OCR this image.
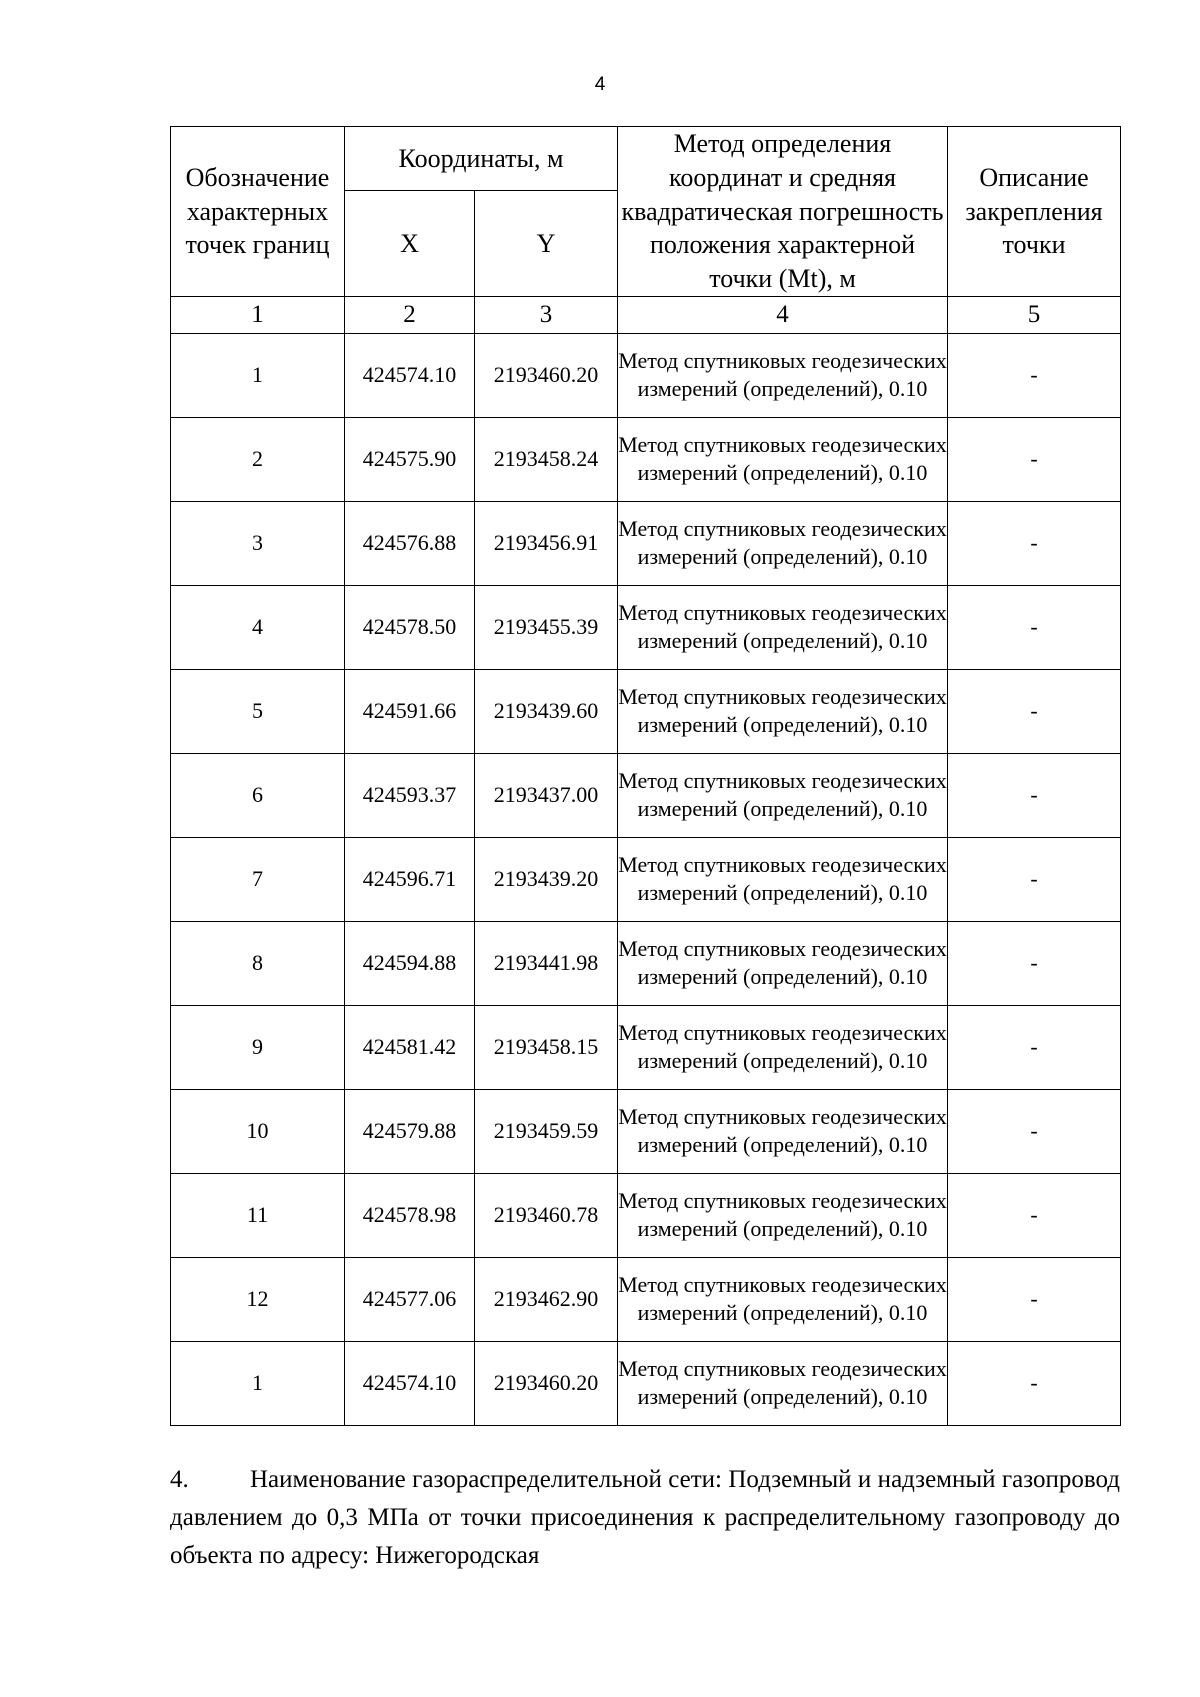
4
Обозначение характерных точек границ	Координаты, м		Метод определения координат и средняя квадратическая погрешность положения характерной точки (Mt), м	Описание закрепления точки
	X	Y		
1	2	3	4	5
1	424574.10	2193460.20	Метод спутниковых геодезических измерений (определений), 0.10	-
2	424575.90	2193458.24	Метод спутниковых геодезических измерений (определений), 0.10	-
3	424576.88	2193456.91	Метод спутниковых геодезических измерений (определений), 0.10	-
4	424578.50	2193455.39	Метод спутниковых геодезических измерений (определений), 0.10	-
5	424591.66	2193439.60	Метод спутниковых геодезических измерений (определений), 0.10	-
6	424593.37	2193437.00	Метод спутниковых геодезических измерений (определений), 0.10	-
7	424596.71	2193439.20	Метод спутниковых геодезических измерений (определений), 0.10	-
8	424594.88	2193441.98	Метод спутниковых геодезических измерений (определений), 0.10	-
9	424581.42	2193458.15	Метод спутниковых геодезических измерений (определений), 0.10	-
10	424579.88	2193459.59	Метод спутниковых геодезических измерений (определений), 0.10	-
11	424578.98	2193460.78	Метод спутниковых геодезических измерений (определений), 0.10	-
12	424577.06	2193462.90	Метод спутниковых геодезических измерений (определений), 0.10	-
1	424574.10	2193460.20	Метод спутниковых геодезических измерений (определений), 0.10	-
4. Наименование газораспределительной сети: Подземный и надземный газопровод давлением до 0,3 МПа от точки присоединения к распределительному газопроводу до объекта по адресу: Нижегородская
